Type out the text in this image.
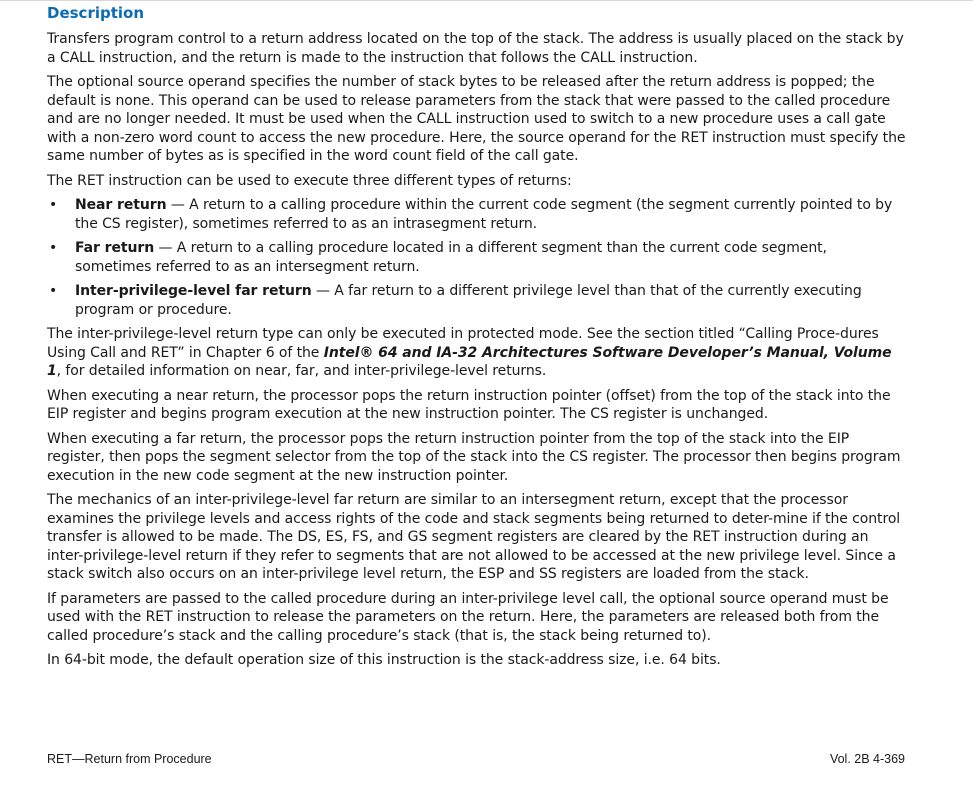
Description

Transfers program control to a return address located on the top of the stack. The address is usually placed on the stack by a CALL instruction, and the return is made to the instruction that follows the CALL instruction.

The optional source operand specifies the number of stack bytes to be released after the return address is popped; the default is none. This operand can be used to release parameters from the stack that were passed to the called procedure and are no longer needed. It must be used when the CALL instruction used to switch to a new procedure uses a call gate with a non-zero word count to access the new procedure. Here, the source operand for the RET instruction must specify the same number of bytes as is specified in the word count field of the call gate.

The RET instruction can be used to execute three different types of returns:

• Near return — A return to a calling procedure within the current code segment (the segment currently pointed to by the CS register), sometimes referred to as an intrasegment return.
• Far return — A return to a calling procedure located in a different segment than the current code segment, sometimes referred to as an intersegment return.
• Inter-privilege-level far return — A far return to a different privilege level than that of the currently executing program or procedure.

The inter-privilege-level return type can only be executed in protected mode. See the section titled “Calling Proce-dures Using Call and RET” in Chapter 6 of the Intel® 64 and IA-32 Architectures Software Developer’s Manual, Volume 1, for detailed information on near, far, and inter-privilege-level returns.

When executing a near return, the processor pops the return instruction pointer (offset) from the top of the stack into the EIP register and begins program execution at the new instruction pointer. The CS register is unchanged.

When executing a far return, the processor pops the return instruction pointer from the top of the stack into the EIP register, then pops the segment selector from the top of the stack into the CS register. The processor then begins program execution in the new code segment at the new instruction pointer.

The mechanics of an inter-privilege-level far return are similar to an intersegment return, except that the processor examines the privilege levels and access rights of the code and stack segments being returned to deter-mine if the control transfer is allowed to be made. The DS, ES, FS, and GS segment registers are cleared by the RET instruction during an inter-privilege-level return if they refer to segments that are not allowed to be accessed at the new privilege level. Since a stack switch also occurs on an inter-privilege level return, the ESP and SS registers are loaded from the stack.

If parameters are passed to the called procedure during an inter-privilege level call, the optional source operand must be used with the RET instruction to release the parameters on the return. Here, the parameters are released both from the called procedure’s stack and the calling procedure’s stack (that is, the stack being returned to).

In 64-bit mode, the default operation size of this instruction is the stack-address size, i.e. 64 bits.

RET—Return from Procedure	Vol. 2B 4-369
